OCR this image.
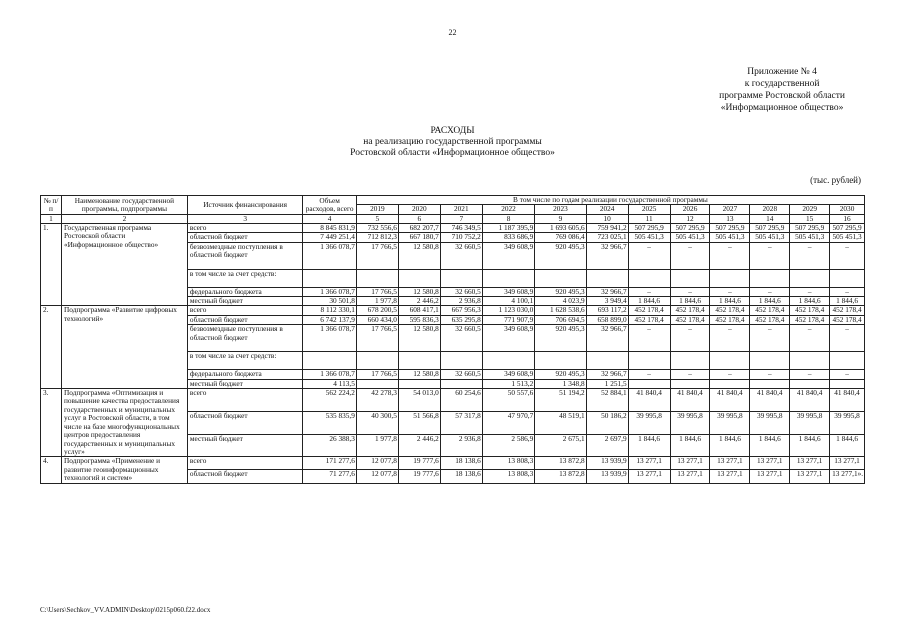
22
Приложение № 4
к государственной
программе Ростовской области
«Информационное общество»
РАСХОДЫ
на реализацию государственной программы
Ростовской области «Информационное общество»
(тыс. рублей)
№ п/п	Наименование государственной программы, подпрограммы	Источник финансирования	Объем расходов, всего	В том числе по годам реализации государственной программы											
				2019	2020	2021	2022	2023	2024	2025	2026	2027	2028	2029	2030
1	2	3	4	5	6	7	8	9	10	11	12	13	14	15	16
1.	Государственная программа Ростовской области «Информационное общество»	всего	8 845 831,9	732 556,6	682 207,7	746 349,5	1 187 395,9	1 693 605,6	759 941,2	507 295,9	507 295,9	507 295,9	507 295,9	507 295,9	507 295,9
		областной бюджет	7 449 251,4	712 812,3	667 180,7	710 752,2	833 686,9	769 086,4	723 025,1	505 451,3	505 451,3	505 451,3	505 451,3	505 451,3	505 451,3
		безвозмездные поступления в областной бюджет	1 366 078,7	17 766,5	12 580,8	32 660,5	349 608,9	920 495,3	32 966,7	–	–	–	–	–	–
		в том числе за счет средств:													
		федерального бюджета	1 366 078,7	17 766,5	12 580,8	32 660,5	349 608,9	920 495,3	32 966,7	–	–	–	–	–	–
		местный бюджет	30 501,8	1 977,8	2 446,2	2 936,8	4 100,1	4 023,9	3 949,4	1 844,6	1 844,6	1 844,6	1 844,6	1 844,6	1 844,6
2.	Подпрограмма «Развитие цифровых технологий»	всего	8 112 330,1	678 200,5	608 417,1	667 956,3	1 123 030,0	1 628 538,6	693 117,2	452 178,4	452 178,4	452 178,4	452 178,4	452 178,4	452 178,4
		областной бюджет	6 742 137,9	660 434,0	595 836,3	635 295,8	771 907,9	706 694,5	658 899,0	452 178,4	452 178,4	452 178,4	452 178,4	452 178,4	452 178,4
		безвозмездные поступления в областной бюджет	1 366 078,7	17 766,5	12 580,8	32 660,5	349 608,9	920 495,3	32 966,7	–	–	–	–	–	–
		в том числе за счет средств:													
		федерального бюджета	1 366 078,7	17 766,5	12 580,8	32 660,5	349 608,9	920 495,3	32 966,7	–	–	–	–	–	–
		местный бюджет	4 113,5				1 513,2	1 348,8	1 251,5						
3.	Подпрограмма «Оптимизация и повышение качества предоставления государственных и муниципальных услуг в Ростовской области, в том числе на базе многофункциональных центров предоставления государственных и муниципальных услуг»	всего	562 224,2	42 278,3	54 013,0	60 254,6	50 557,6	51 194,2	52 884,1	41 840,4	41 840,4	41 840,4	41 840,4	41 840,4	41 840,4
		областной бюджет	535 835,9	40 300,5	51 566,8	57 317,8	47 970,7	48 519,1	50 186,2	39 995,8	39 995,8	39 995,8	39 995,8	39 995,8	39 995,8
		местный бюджет	26 388,3	1 977,8	2 446,2	2 936,8	2 586,9	2 675,1	2 697,9	1 844,6	1 844,6	1 844,6	1 844,6	1 844,6	1 844,6
4.	Подпрограмма «Применение и развитие геоинформационных технологий и систем»	всего	171 277,6	12 077,8	19 777,6	18 138,6	13 808,3	13 872,8	13 939,9	13 277,1	13 277,1	13 277,1	13 277,1	13 277,1	13 277,1
		областной бюджет	71 277,6	12 077,8	19 777,6	18 138,6	13 808,3	13 872,8	13 939,9	13 277,1	13 277,1	13 277,1	13 277,1	13 277,1	13 277,1».
C:\Users\Sechkov_VV.ADMIN\Desktop\0215p060.f22.docx
